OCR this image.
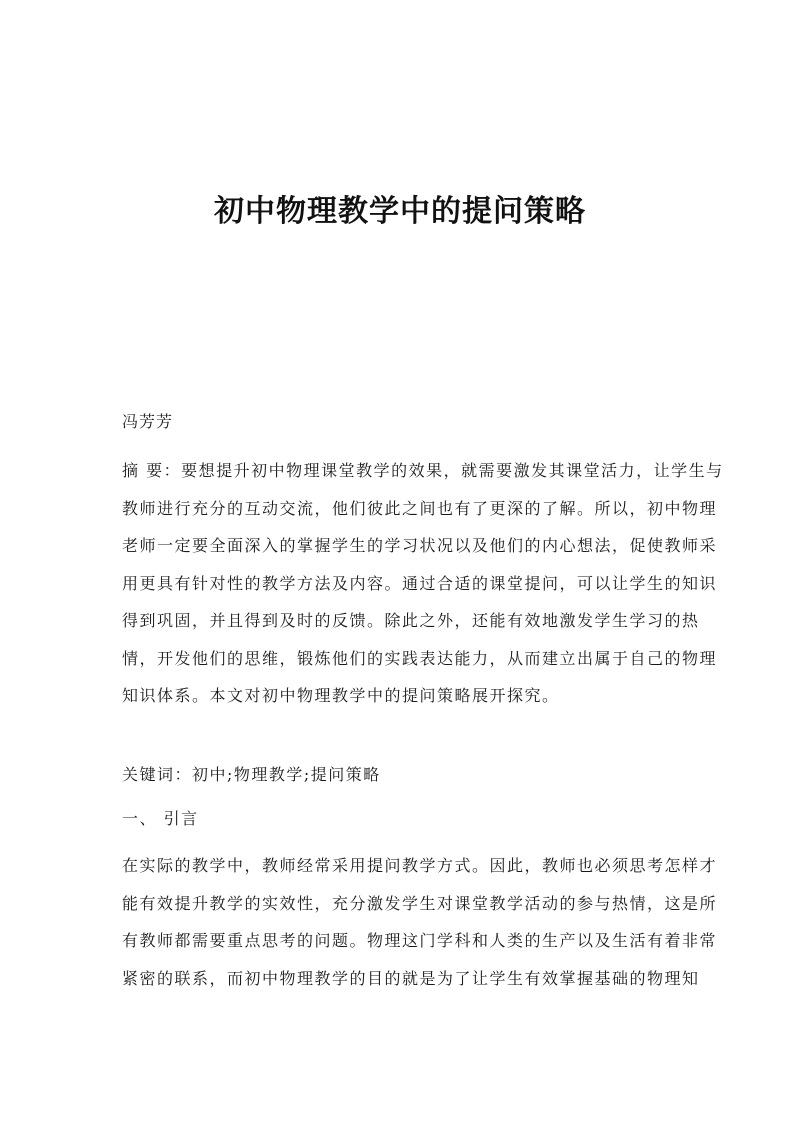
初中物理教学中的提问策略
冯芳芳
摘 要：要想提升初中物理课堂教学的效果，就需要激发其课堂活力，让学生与
教师进行充分的互动交流，他们彼此之间也有了更深的了解。所以，初中物理
老师一定要全面深入的掌握学生的学习状况以及他们的内心想法，促使教师采
用更具有针对性的教学方法及内容。通过合适的课堂提问，可以让学生的知识
得到巩固，并且得到及时的反馈。除此之外，还能有效地激发学生学习的热
情，开发他们的思维，锻炼他们的实践表达能力，从而建立出属于自己的物理
知识体系。本文对初中物理教学中的提问策略展开探究。
关键词：初中;物理教学;提问策略
一、 引言
在实际的教学中，教师经常采用提问教学方式。因此，教师也必须思考怎样才
能有效提升教学的实效性，充分激发学生对课堂教学活动的参与热情，这是所
有教师都需要重点思考的问题。物理这门学科和人类的生产以及生活有着非常
紧密的联系，而初中物理教学的目的就是为了让学生有效掌握基础的物理知
